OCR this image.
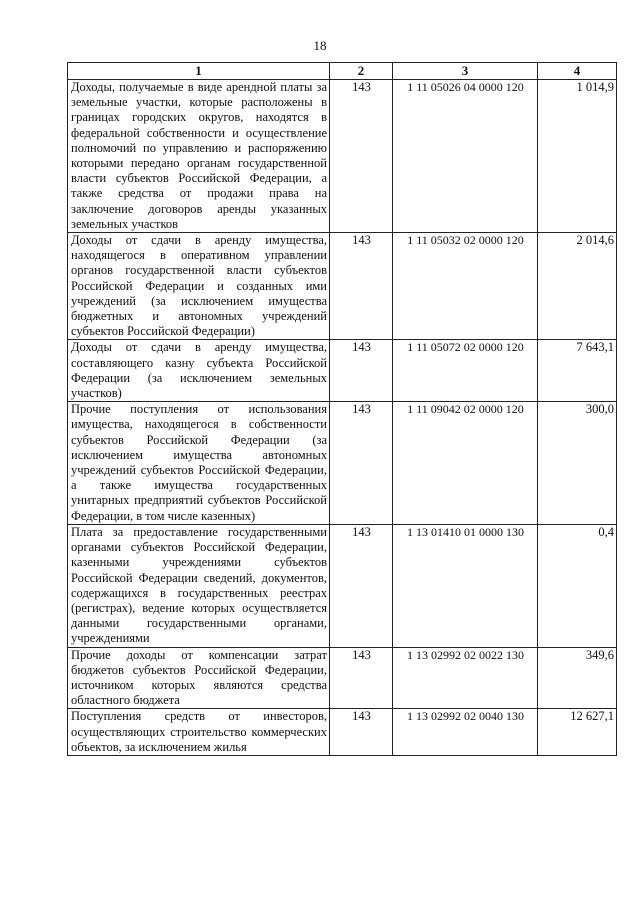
18
1	2	3	4
Доходы, получаемые в виде арендной платы за земельные участки, которые расположены в границах городских округов, находятся в федеральной собственности и осуществление полномочий по управлению и распоряжению которыми передано органам государственной власти субъектов Российской Федерации, а также средства от продажи права на заключение договоров аренды указанных земельных участков	143	1 11 05026 04 0000 120	1 014,9
Доходы от сдачи в аренду имущества, находящегося в оперативном управлении органов государственной власти субъектов Российской Федерации и созданных ими учреждений (за исключением имущества бюджетных и автономных учреждений субъектов Российской Федерации)	143	1 11 05032 02 0000 120	2 014,6
Доходы от сдачи в аренду имущества, составляющего казну субъекта Российской Федерации (за исключением земельных участков)	143	1 11 05072 02 0000 120	7 643,1
Прочие поступления от использования имущества, находящегося в собственности субъектов Российской Федерации (за исключением имущества автономных учреждений субъектов Российской Федерации, а также имущества государственных унитарных предприятий субъектов Российской Федерации, в том числе казенных)	143	1 11 09042 02 0000 120	300,0
Плата за предоставление государственными органами субъектов Российской Федерации, казенными учреждениями субъектов Российской Федерации сведений, документов, содержащихся в государственных реестрах (регистрах), ведение которых осуществляется данными государственными органами, учреждениями	143	1 13 01410 01 0000 130	0,4
Прочие доходы от компенсации затрат бюджетов субъектов Российской Федерации, источником которых являются средства областного бюджета	143	1 13 02992 02 0022 130	349,6
Поступления средств от инвесторов, осуществляющих строительство коммерческих объектов, за исключением жилья	143	1 13 02992 02 0040 130	12 627,1
